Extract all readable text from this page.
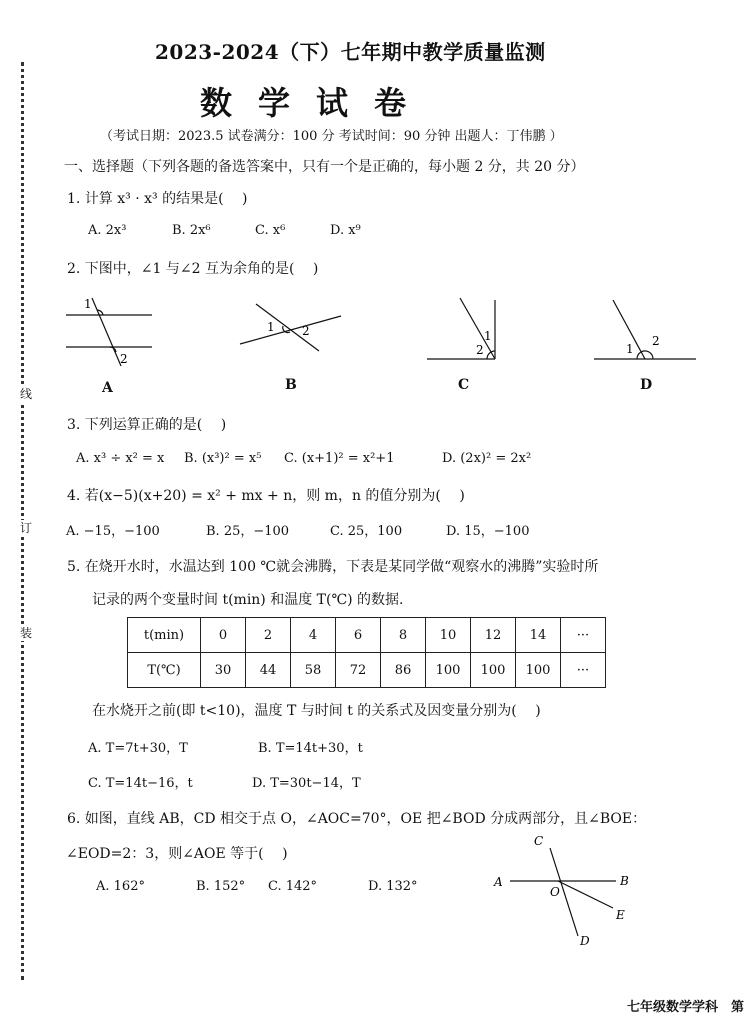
线
订
装
2023-2024（下）七年期中教学质量监测
数学试卷
（考试日期：2023.5 试卷满分：100 分 考试时间：90 分钟 出题人：丁伟鹏 ）
一、选择题（下列各题的备选答案中，只有一个是正确的，每小题 2 分，共 20 分）
1. 计算 x³ · x³ 的结果是(　 )
A. 2x³	B. 2x⁶	C. x⁶	D. x⁹
2. 下图中，∠1 与∠2 互为余角的是(　 )
1
2
1 2	1
2	1
2
A	B	C	D
3. 下列运算正确的是(　 )
A. x³ ÷ x² = x B. (x³)² = x⁵ C. (x+1)² = x²+1	D. (2x)² = 2x²
4. 若(x−5)(x+20) = x² + mx + n，则 m，n 的值分别为(　 )
A. −15，−100	B. 25，−100	C. 25，100	D. 15，−100
5. 在烧开水时，水温达到 100 ℃就会沸腾，下表是某同学做“观察水的沸腾”实验时所
记录的两个变量时间 t(min) 和温度 T(℃) 的数据.
t(min)	0	2	4	6	8	10	12	14	···
T(℃)	30	44	58	72	86	100	100	100	···
在水烧开之前(即 t<10)，温度 T 与时间 t 的关系式及因变量分别为(　 )
A. T=7t+30，T	B. T=14t+30，t
C. T=14t−16，t	D. T=30t−14，T
6. 如图，直线 AB，CD 相交于点 O，∠AOC=70°，OE 把∠BOD 分成两部分，且∠BOE：
∠EOD=2：3，则∠AOE 等于(　 )
A. 162°	B. 152° C. 142°	D. 132°	A	B
C
D
E
O
七年级数学学科　第
